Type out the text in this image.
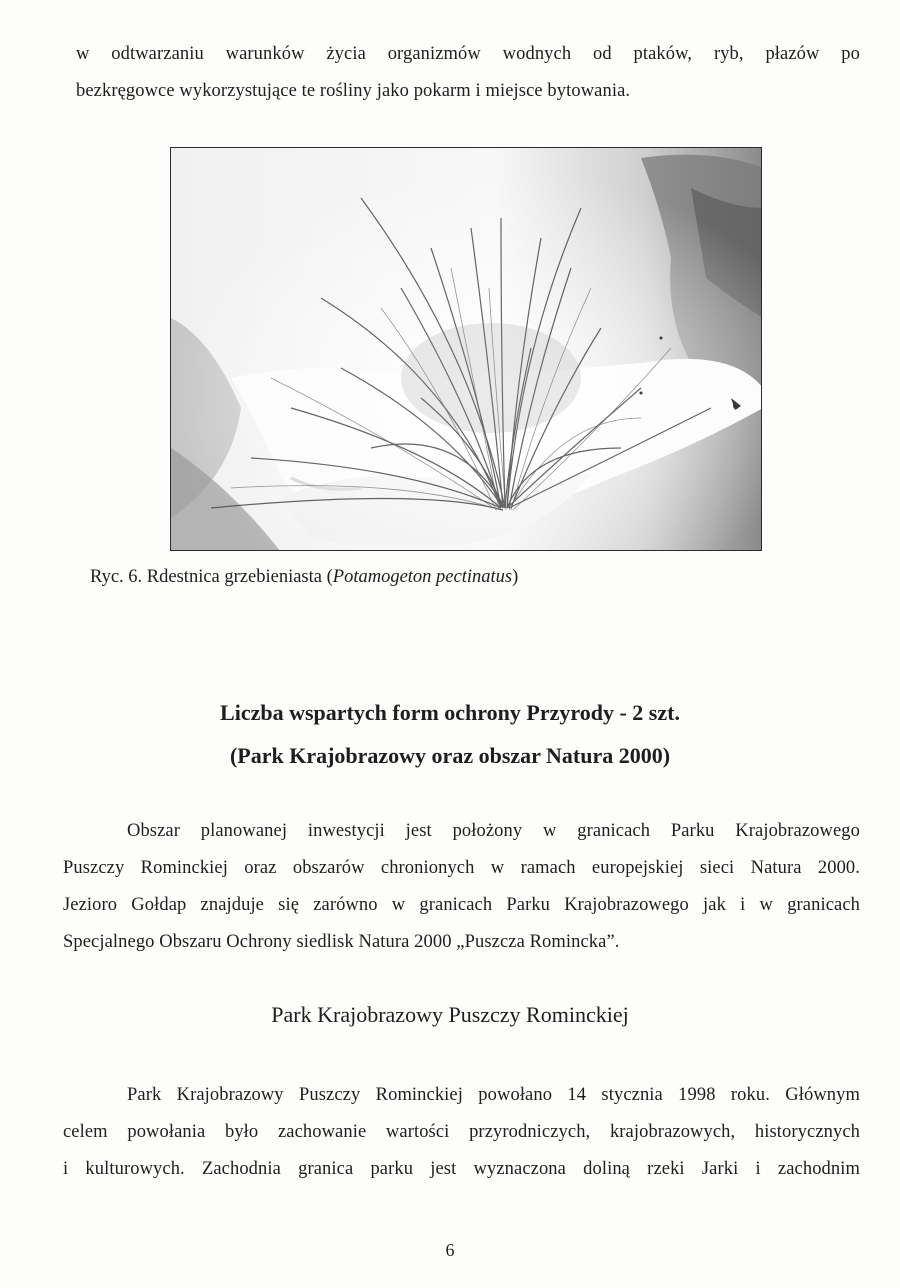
w odtwarzaniu warunków życia organizmów wodnych od ptaków, ryb, płazów po
bezkręgowce wykorzystujące te rośliny jako pokarm i miejsce bytowania.
Ryc. 6. Rdestnica grzebieniasta (Potamogeton pectinatus)
Liczba wspartych form ochrony Przyrody - 2 szt.
(Park Krajobrazowy oraz obszar Natura 2000)
Obszar planowanej inwestycji jest położony w granicach Parku Krajobrazowego
Puszczy Rominckiej oraz obszarów chronionych w ramach europejskiej sieci Natura 2000.
Jezioro Gołdap znajduje się zarówno w granicach Parku Krajobrazowego jak i w granicach
Specjalnego Obszaru Ochrony siedlisk Natura 2000 „Puszcza Romincka”.
Park Krajobrazowy Puszczy Rominckiej
Park Krajobrazowy Puszczy Rominckiej powołano 14 stycznia 1998 roku. Głównym
celem powołania było zachowanie wartości przyrodniczych, krajobrazowych, historycznych
i kulturowych. Zachodnia granica parku jest wyznaczona doliną rzeki Jarki i zachodnim
6
